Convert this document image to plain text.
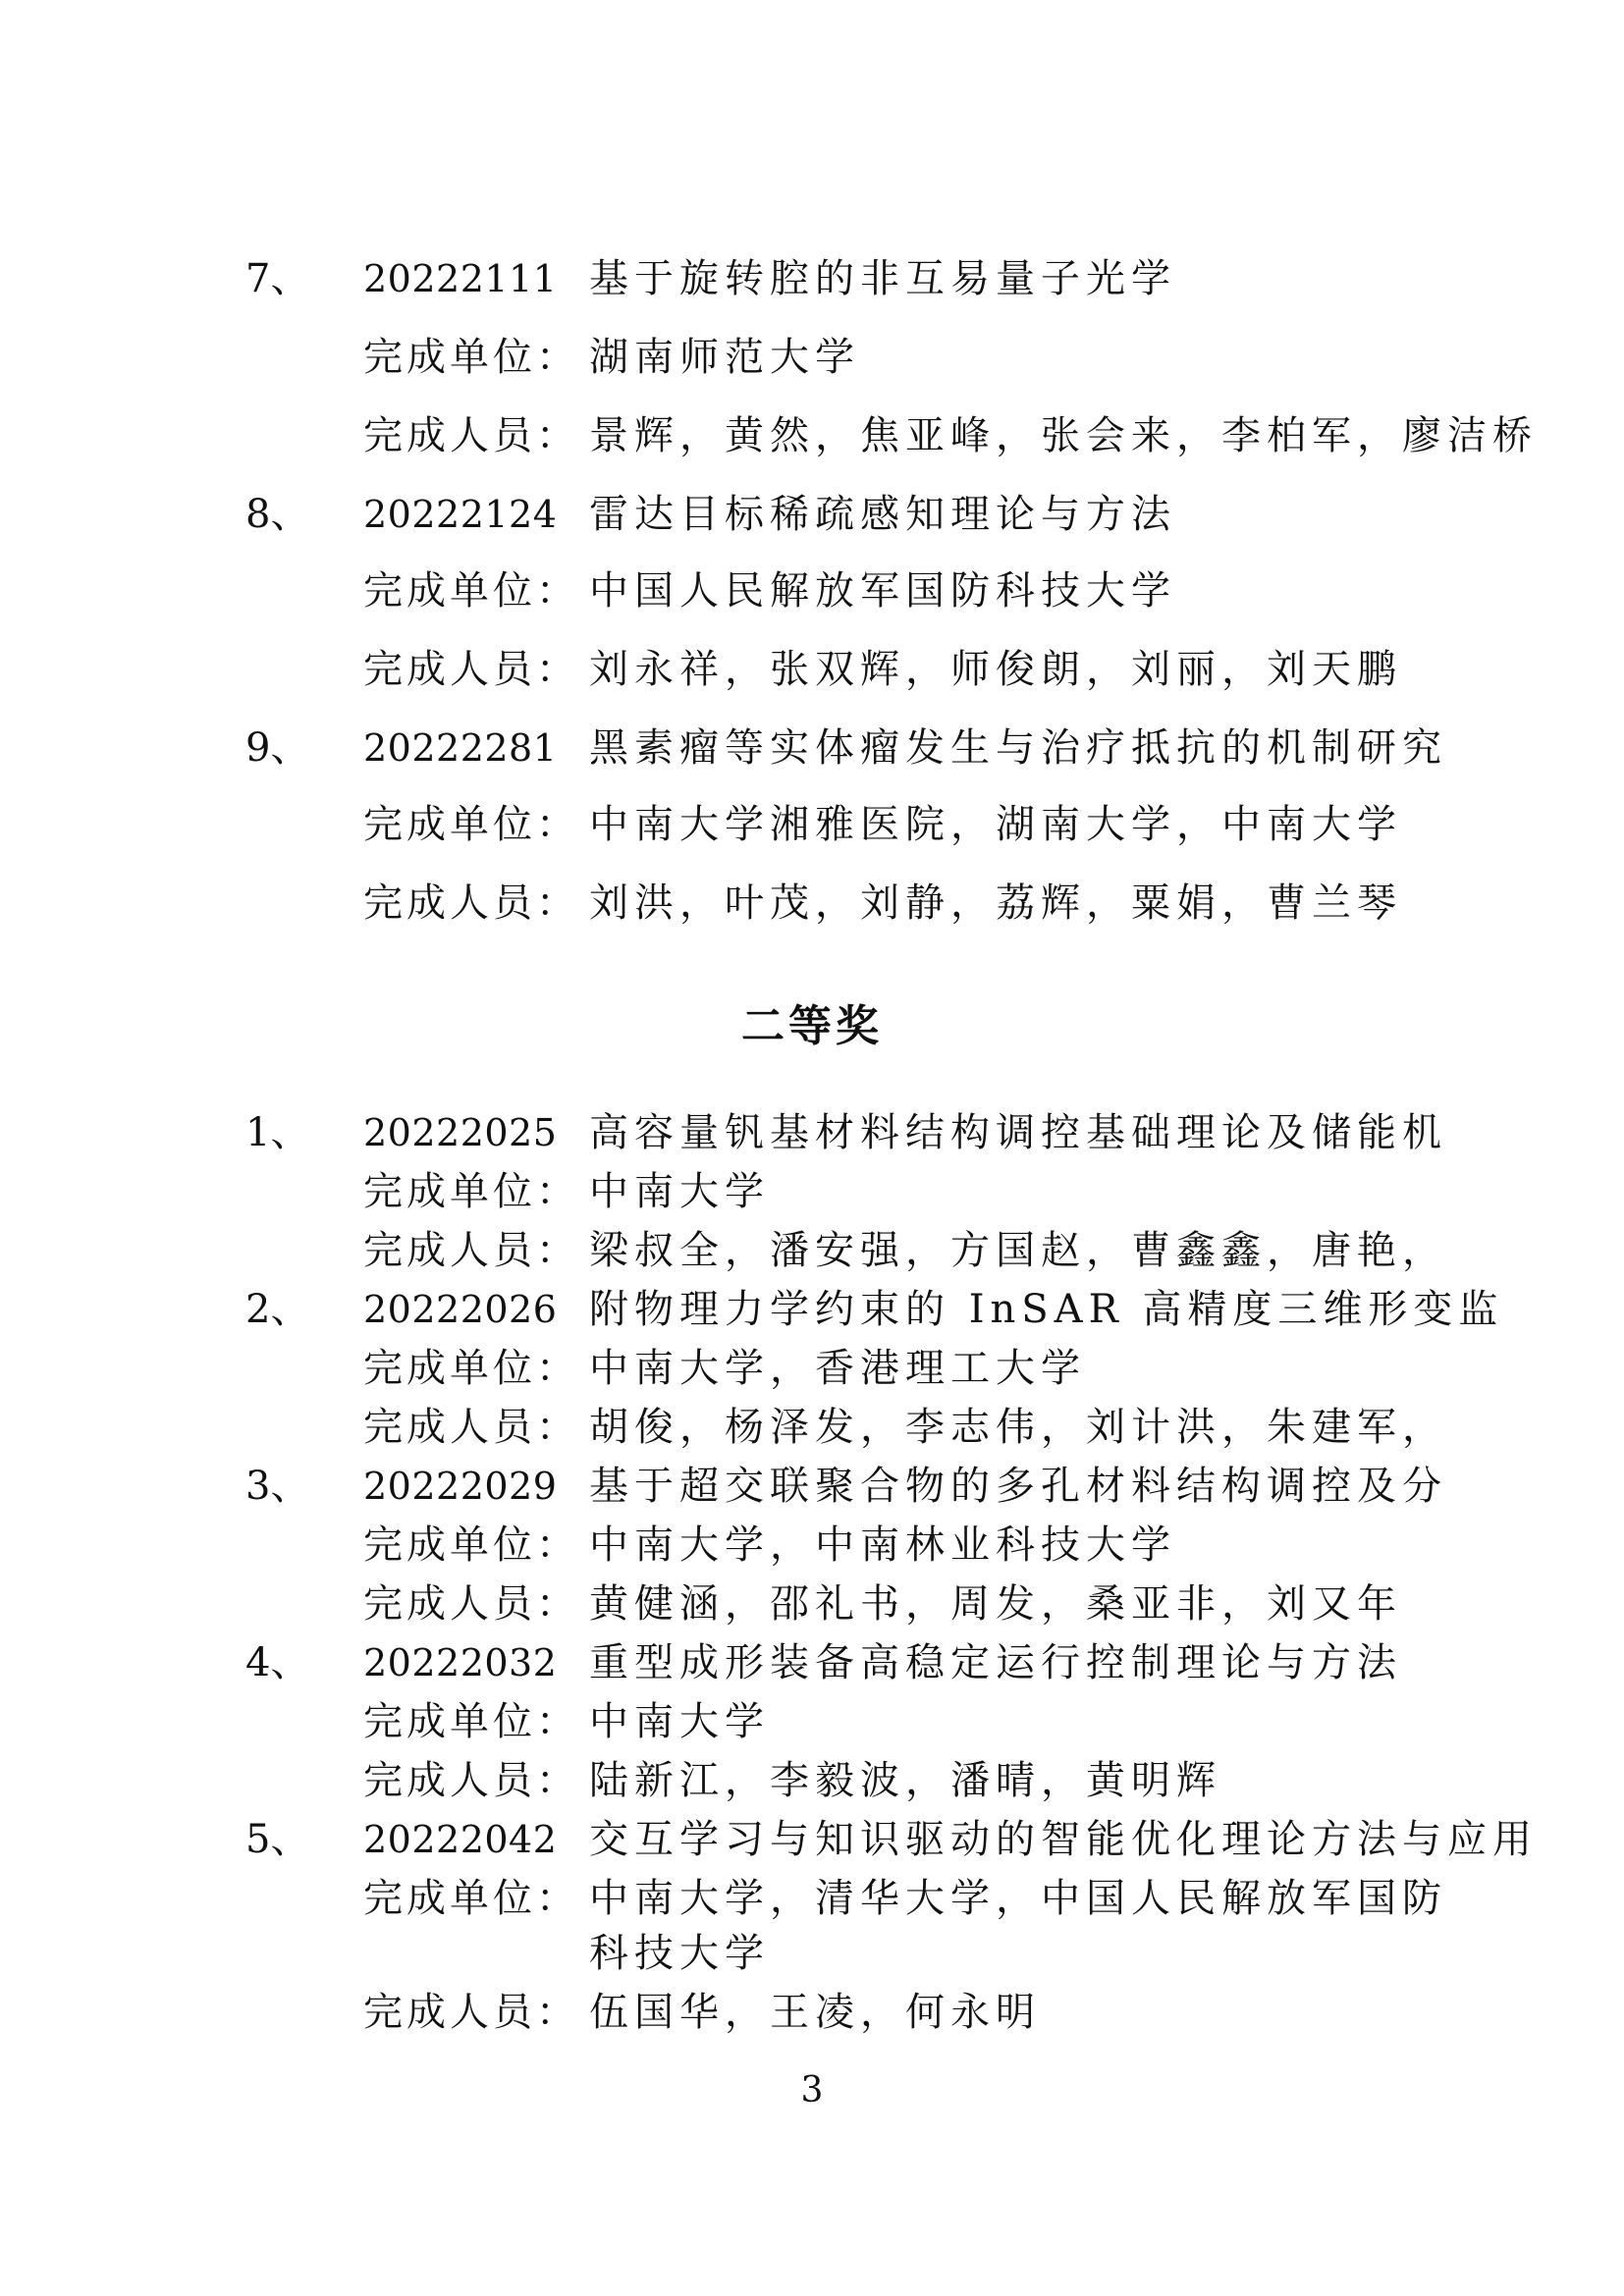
7、 20222111 基于旋转腔的非互易量子光学
完成单位： 湖南师范大学
完成人员： 景辉，黄然，焦亚峰，张会来，李柏军，廖洁桥
8、 20222124 雷达目标稀疏感知理论与方法
完成单位： 中国人民解放军国防科技大学
完成人员： 刘永祥，张双辉，师俊朗，刘丽，刘天鹏
9、 20222281 黑素瘤等实体瘤发生与治疗抵抗的机制研究
完成单位： 中南大学湘雅医院，湖南大学，中南大学
完成人员： 刘洪，叶茂，刘静，荔辉，粟娟，曹兰琴
二等奖
1、 20222025 高容量钒基材料结构调控基础理论及储能机
完成单位： 中南大学
完成人员： 梁叔全，潘安强，方国赵，曹鑫鑫，唐艳，
2、 20222026 附物理力学约束的 InSAR 高精度三维形变监
完成单位： 中南大学，香港理工大学
完成人员： 胡俊，杨泽发，李志伟，刘计洪，朱建军，
3、 20222029 基于超交联聚合物的多孔材料结构调控及分
完成单位： 中南大学，中南林业科技大学
完成人员： 黄健涵，邵礼书，周发，桑亚非，刘又年
4、 20222032 重型成形装备高稳定运行控制理论与方法
完成单位： 中南大学
完成人员： 陆新江，李毅波，潘晴，黄明辉
5、 20222042 交互学习与知识驱动的智能优化理论方法与应用
完成单位： 中南大学，清华大学，中国人民解放军国防
科技大学
完成人员： 伍国华，王凌，何永明
3
